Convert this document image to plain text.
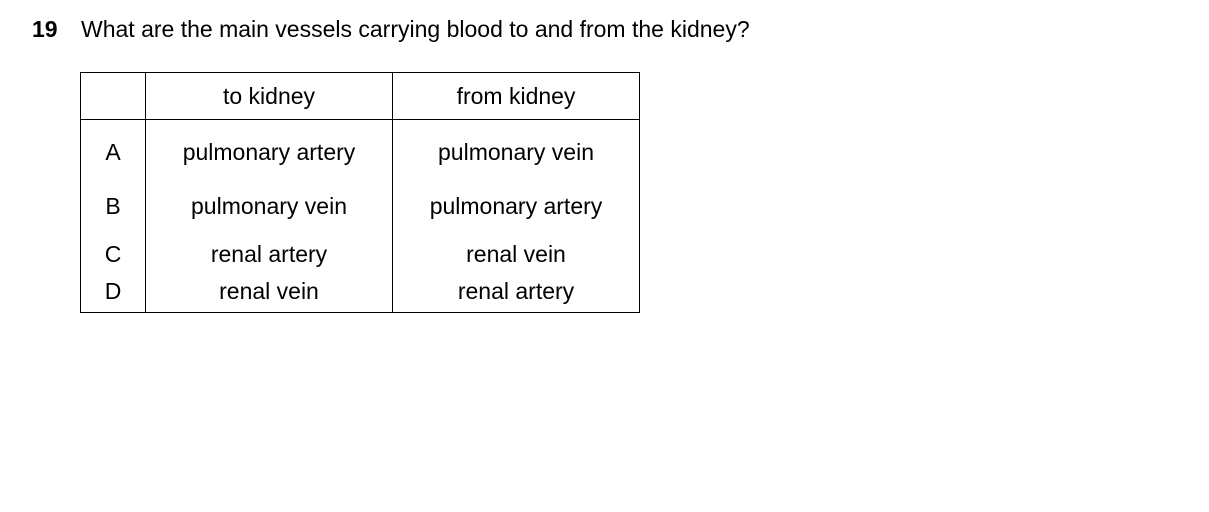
19 What are the main vessels carrying blood to and from the kidney?
	to kidney	from kidney
A	pulmonary artery	pulmonary vein
B	pulmonary vein	pulmonary artery
C	renal artery	renal vein
D	renal vein	renal artery
